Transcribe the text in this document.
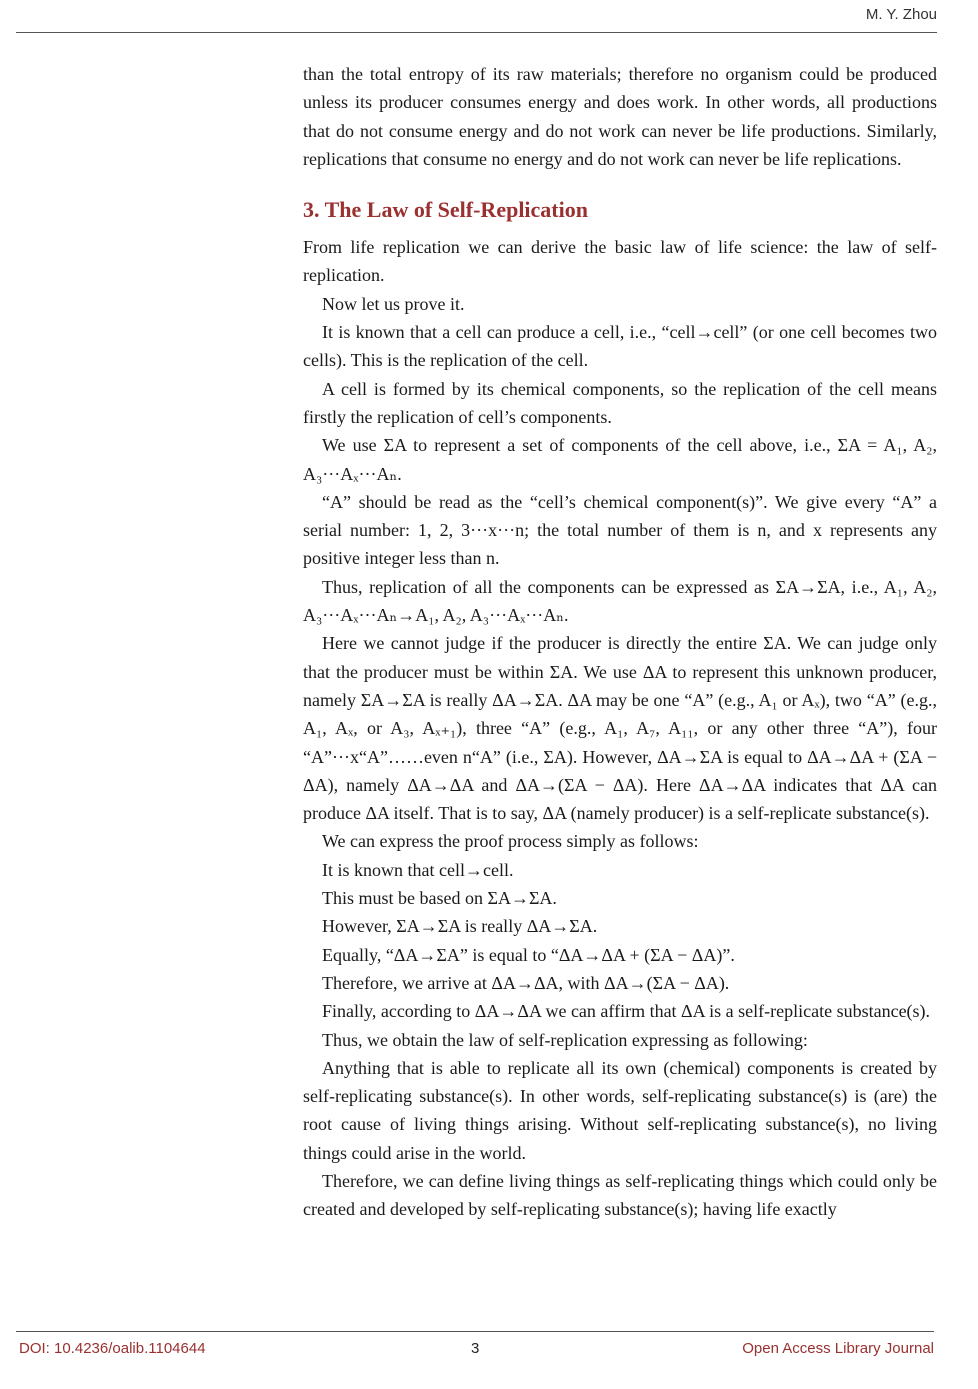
M. Y. Zhou

than the total entropy of its raw materials; therefore no organism could be produced unless its producer consumes energy and does work. In other words, all productions that do not consume energy and do not work can never be life productions. Similarly, replications that consume no energy and do not work can never be life replications.

3. The Law of Self-Replication

From life replication we can derive the basic law of life science: the law of self-replication.

Now let us prove it.

It is known that a cell can produce a cell, i.e., “cell→cell” (or one cell becomes two cells). This is the replication of the cell.

A cell is formed by its chemical components, so the replication of the cell means firstly the replication of cell’s components.

We use ΣA to represent a set of components of the cell above, i.e., ΣA = A₁, A₂, A₃···Aₓ···Aₙ.

“A” should be read as the “cell’s chemical component(s)”. We give every “A” a serial number: 1, 2, 3···x···n; the total number of them is n, and x represents any positive integer less than n.

Thus, replication of all the components can be expressed as ΣA→ΣA, i.e., A₁, A₂, A₃···Aₓ···Aₙ→A₁, A₂, A₃···Aₓ···Aₙ.

Here we cannot judge if the producer is directly the entire ΣA. We can judge only that the producer must be within ΣA. We use ΔA to represent this unknown producer, namely ΣA→ΣA is really ΔA→ΣA. ΔA may be one “A” (e.g., A₁ or Aₓ), two “A” (e.g., A₁, Aₓ, or A₃, Aₓ₊₁), three “A” (e.g., A₁, A₇, A₁₁, or any other three “A”), four “A”···x“A”……even n“A” (i.e., ΣA). However, ΔA→ΣA is equal to ΔA→ΔA + (ΣA − ΔA), namely ΔA→ΔA and ΔA→(ΣA − ΔA). Here ΔA→ΔA indicates that ΔA can produce ΔA itself. That is to say, ΔA (namely producer) is a self-replicate substance(s).

We can express the proof process simply as follows:

It is known that cell→cell.

This must be based on ΣA→ΣA.

However, ΣA→ΣA is really ΔA→ΣA.

Equally, “ΔA→ΣA” is equal to “ΔA→ΔA + (ΣA − ΔA)”.

Therefore, we arrive at ΔA→ΔA, with ΔA→(ΣA − ΔA).

Finally, according to ΔA→ΔA we can affirm that ΔA is a self-replicate substance(s).

Thus, we obtain the law of self-replication expressing as following:

Anything that is able to replicate all its own (chemical) components is created by self-replicating substance(s). In other words, self-replicating substance(s) is (are) the root cause of living things arising. Without self-replicating substance(s), no living things could arise in the world.

Therefore, we can define living things as self-replicating things which could only be created and developed by self-replicating substance(s); having life exactly

DOI: 10.4236/oalib.1104644	3	Open Access Library Journal
